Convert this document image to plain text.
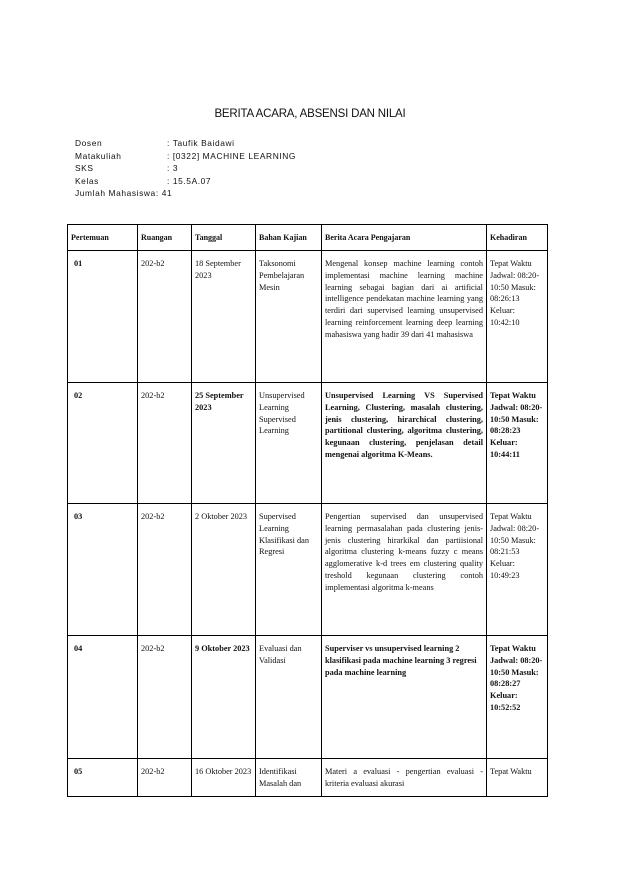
BERITA ACARA, ABSENSI DAN NILAI
Dosen	: Taufik Baidawi
Matakuliah	: [0322] MACHINE LEARNING
SKS	: 3
Kelas	: 15.5A.07
Jumlah Mahasiswa : 41
Pertemuan	Ruangan	Tanggal	Bahan Kajian	Berita Acara Pengajaran	Kehadiran
01	202-b2	18 September 2023	Taksonomi Pembelajaran Mesin	Mengenal konsep machine learning contoh implementasi machine learning machine learning sebagai bagian dari ai artificial intelligence pendekatan machine learning yang terdiri dari supervised learning unsupervised learning reinforcement learning deep learning mahasiswa yang hadir 39 dari 41 mahasiswa	Tepat Waktu Jadwal: 08:20-10:50 Masuk: 08:26:13 Keluar: 10:42:10
02	202-b2	25 September 2023	Unsupervised Learning Supervised Learning	Unsupervised Learning VS Supervised Learning, Clustering, masalah clustering, jenis clustering, hirarchical clustering, partitional clustering, algoritma clustering, kegunaan clustering, penjelasan detail mengenai algoritma K-Means.	Tepat Waktu Jadwal: 08:20-10:50 Masuk: 08:28:23 Keluar: 10:44:11
03	202-b2	2 Oktober 2023	Supervised Learning Klasifikasi dan Regresi	Pengertian supervised dan unsupervised learning permasalahan pada clustering jenis-jenis clustering hirarkikal dan partiisional algoritma clustering k-means fuzzy c means agglomerative k-d trees em clustering quality treshold kegunaan clustering contoh implementasi algoritma k-means	Tepat Waktu Jadwal: 08:20-10:50 Masuk: 08:21:53 Keluar: 10:49:23
04	202-b2	9 Oktober 2023	Evaluasi dan Validasi	Superviser vs unsupervised learning 2 klasifikasi pada machine learning 3 regresi pada machine learning	Tepat Waktu Jadwal: 08:20-10:50 Masuk: 08:28:27 Keluar: 10:52:52
05	202-b2	16 Oktober 2023	Identifikasi Masalah dan	Materi a evaluasi - pengertian evaluasi - kriteria evaluasi akurasi	Tepat Waktu
